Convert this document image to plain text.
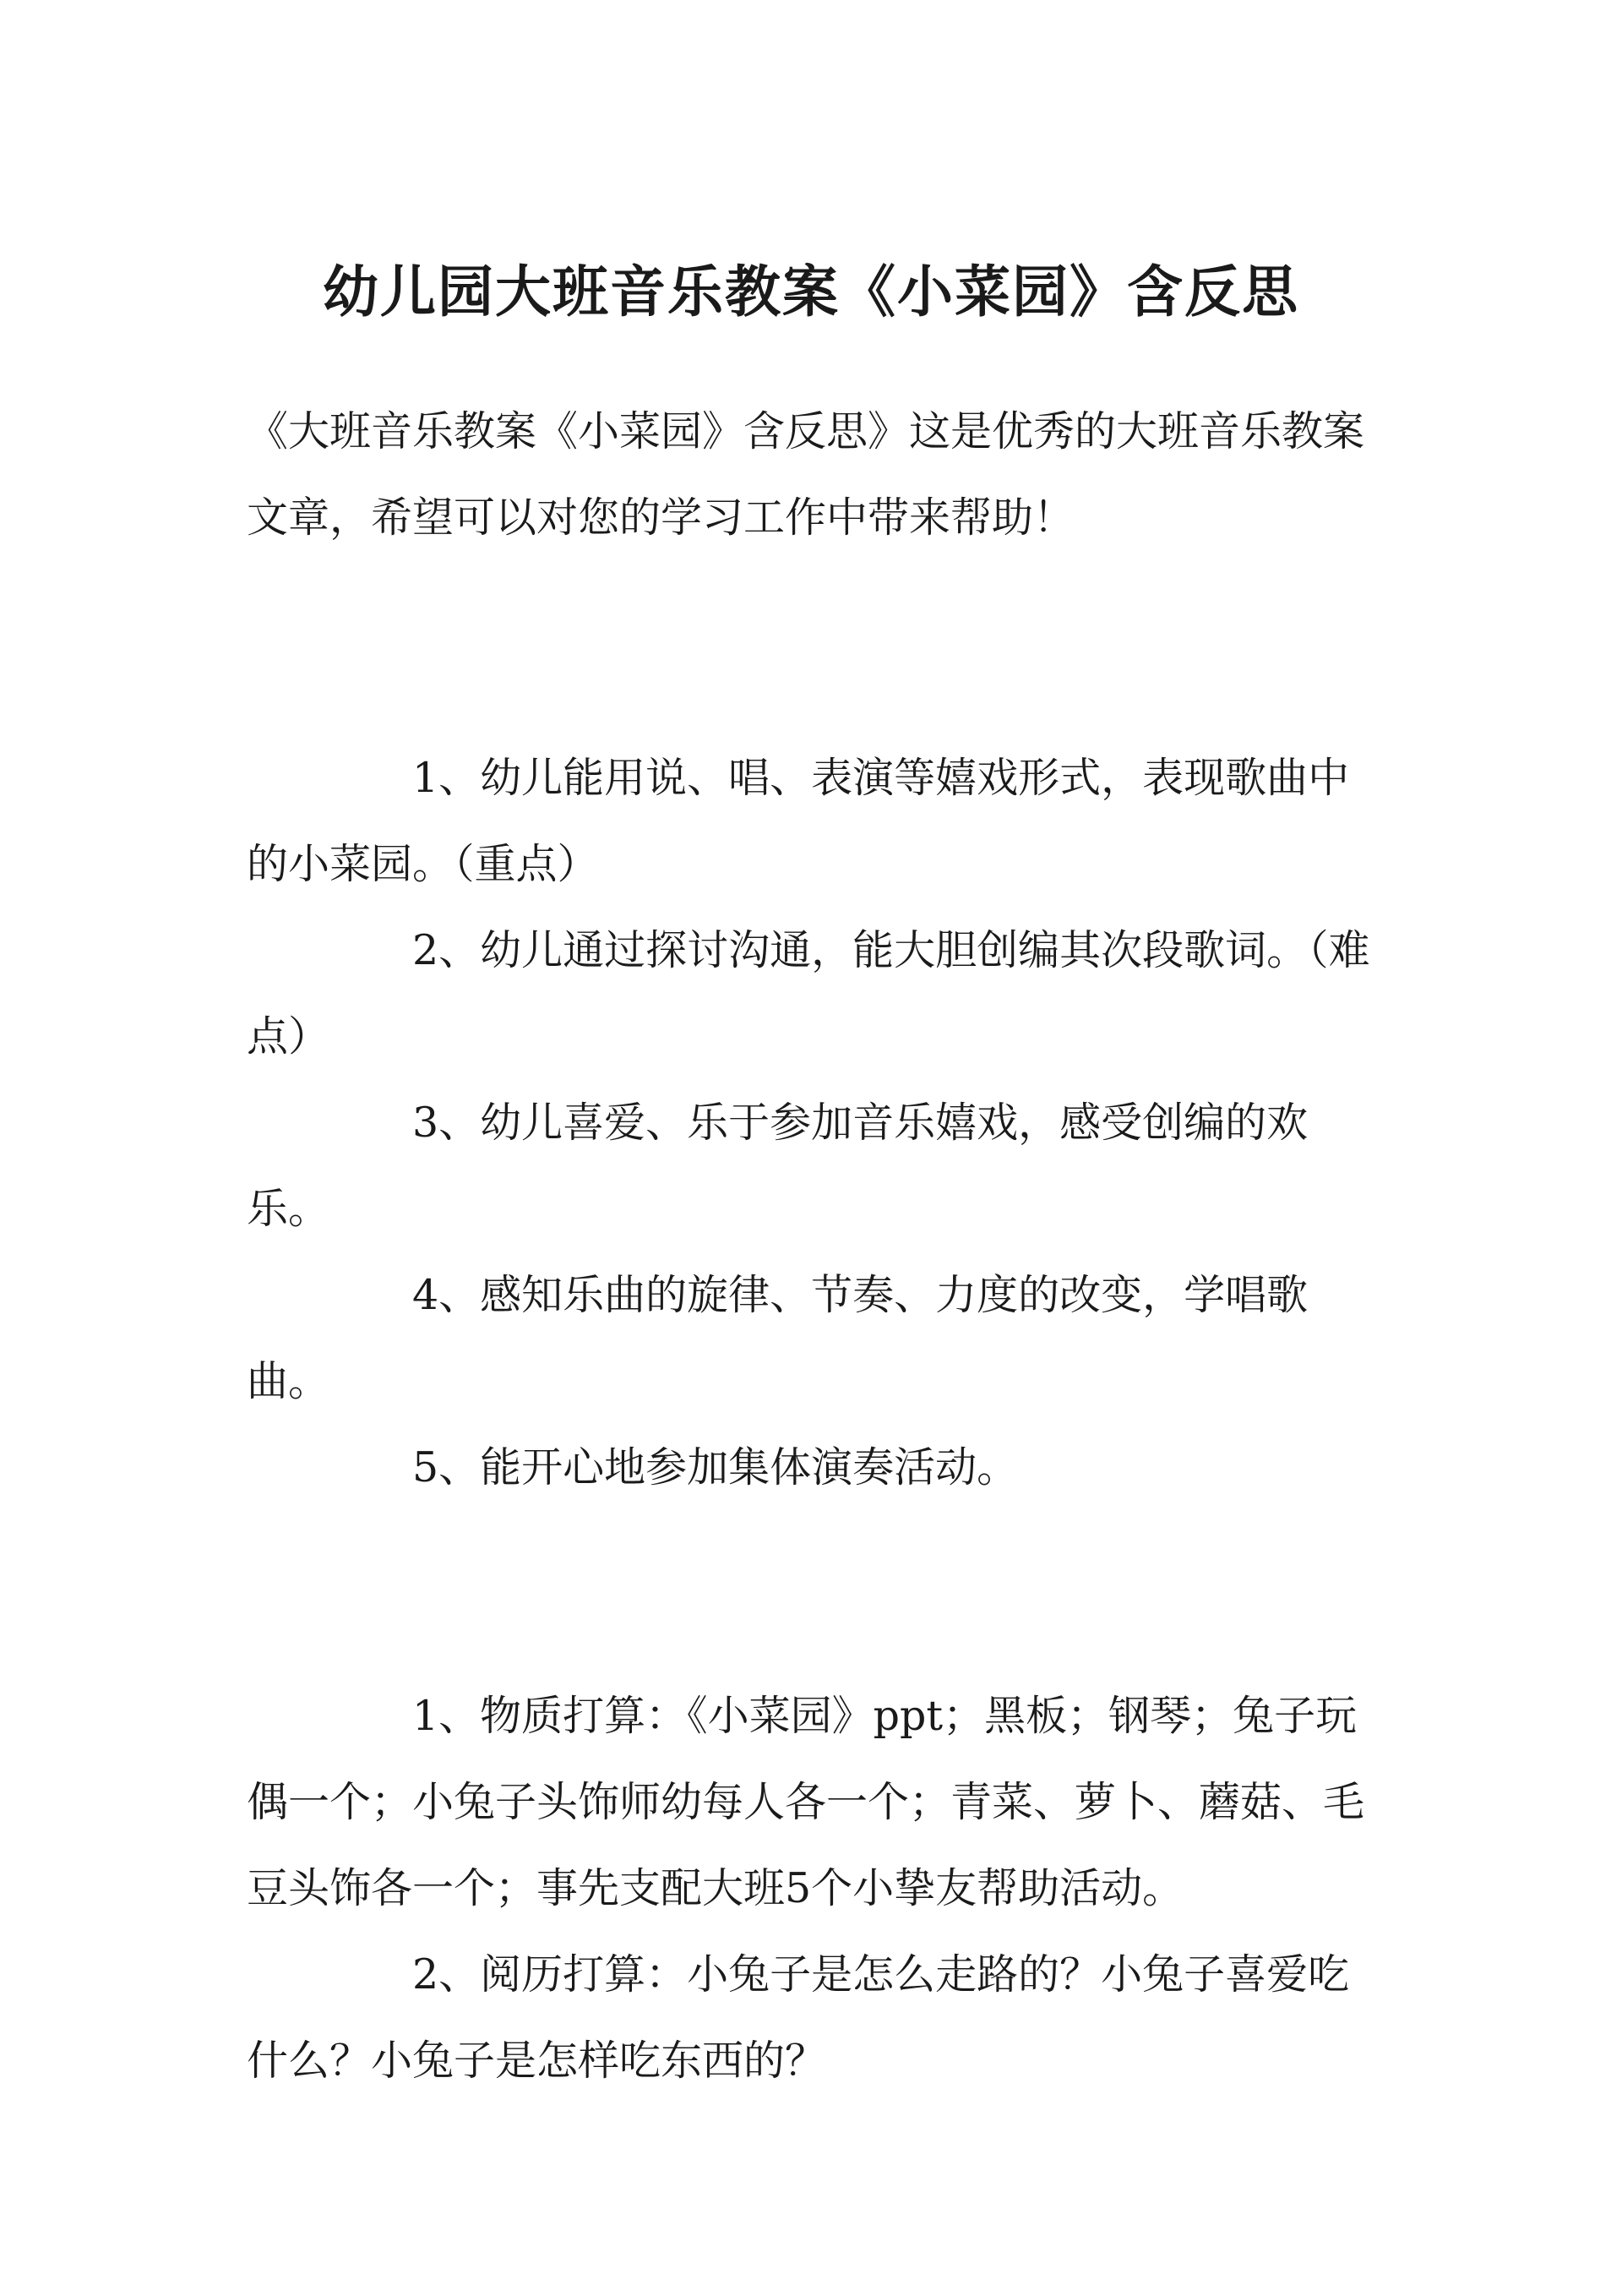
幼儿园大班音乐教案《小菜园》含反思

《大班音乐教案《小菜园》含反思》这是优秀的大班音乐教案文章，希望可以对您的学习工作中带来帮助！

1、幼儿能用说、唱、表演等嬉戏形式，表现歌曲中的小菜园。（重点）

2、幼儿通过探讨沟通，能大胆创编其次段歌词。（难点）

3、幼儿喜爱、乐于参加音乐嬉戏，感受创编的欢乐。

4、感知乐曲的旋律、节奏、力度的改变，学唱歌曲。

5、能开心地参加集体演奏活动。

1、物质打算：《小菜园》ppt；黑板；钢琴；兔子玩偶一个；小兔子头饰师幼每人各一个；青菜、萝卜、蘑菇、毛豆头饰各一个；事先支配大班5个小挚友帮助活动。

2、阅历打算：小兔子是怎么走路的？小兔子喜爱吃什么？小兔子是怎样吃东西的？
